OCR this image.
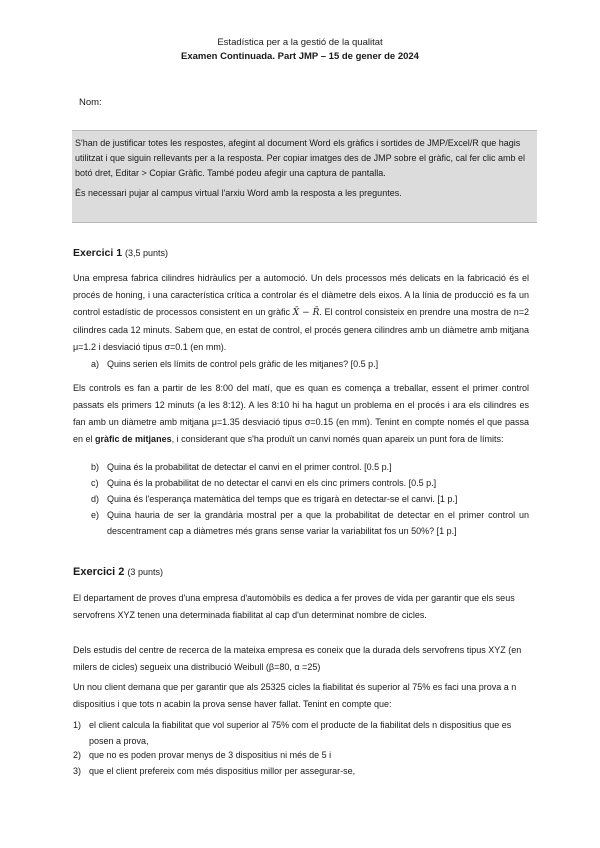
Estadística per a la gestió de la qualitat
Examen Continuada. Part JMP – 15 de gener de 2024
Nom:

S'han de justificar totes les respostes, afegint al document Word els gràfics i sortides de JMP/Excel/R que hagis utilitzat i que siguin rellevants per a la resposta. Per copiar imatges des de JMP sobre el gràfic, cal fer clic amb el botó dret, Editar > Copiar Gràfic. També podeu afegir una captura de pantalla.

És necessari pujar al campus virtual l'arxiu Word amb la resposta a les preguntes.

Exercici 1 (3,5 punts)
Una empresa fabrica cilindres hidràulics per a automoció. Un dels processos més delicats en la fabricació és el procés de honing, i una característica crítica a controlar és el diàmetre dels eixos. A la línia de producció es fa un control estadístic de processos consistent en un gràfic X̄ − R̄. El control consisteix en prendre una mostra de n=2 cilindres cada 12 minuts. Sabem que, en estat de control, el procés genera cilindres amb un diàmetre amb mitjana μ=1.2 i desviació tipus σ=0.1 (en mm).
a) Quins serien els límits de control pels gràfic de les mitjanes? [0.5 p.]
Els controls es fan a partir de les 8:00 del matí, que es quan es comença a treballar, essent el primer control passats els primers 12 minuts (a les 8:12). A les 8:10 hi ha hagut un problema en el procés i ara els cilindres es fan amb un diàmetre amb mitjana μ=1.35 desviació tipus σ=0.15 (en mm). Tenint en compte només el que passa en el gràfic de mitjanes, i considerant que s'ha produït un canvi només quan apareix un punt fora de límits:
b) Quina és la probabilitat de detectar el canvi en el primer control. [0.5 p.]
c) Quina és la probabilitat de no detectar el canvi en els cinc primers controls. [0.5 p.]
d) Quina és l'esperança matemàtica del temps que es trigarà en detectar-se el canvi. [1 p.]
e) Quina hauria de ser la grandària mostral per a que la probabilitat de detectar en el primer control un descentrament cap a diàmetres més grans sense variar la variabilitat fos un 50%? [1 p.]
Exercici 2 (3 punts)
El departament de proves d'una empresa d'automòbils es dedica a fer proves de vida per garantir que els seus servofrens XYZ tenen una determinada fiabilitat al cap d'un determinat nombre de cicles.
Dels estudis del centre de recerca de la mateixa empresa es coneix que la durada dels servofrens tipus XYZ (en milers de cicles) segueix una distribució Weibull (β=80, α =25)
Un nou client demana que per garantir que als 25325 cicles la fiabilitat és superior al 75% es faci una prova a n dispositius i que tots n acabin la prova sense haver fallat. Tenint en compte que:
1) el client calcula la fiabilitat que vol superior al 75% com el producte de la fiabilitat dels n dispositius que es posen a prova,
2) que no es poden provar menys de 3 dispositius ni més de 5 i
3) que el client prefereix com més dispositius millor per assegurar-se,
